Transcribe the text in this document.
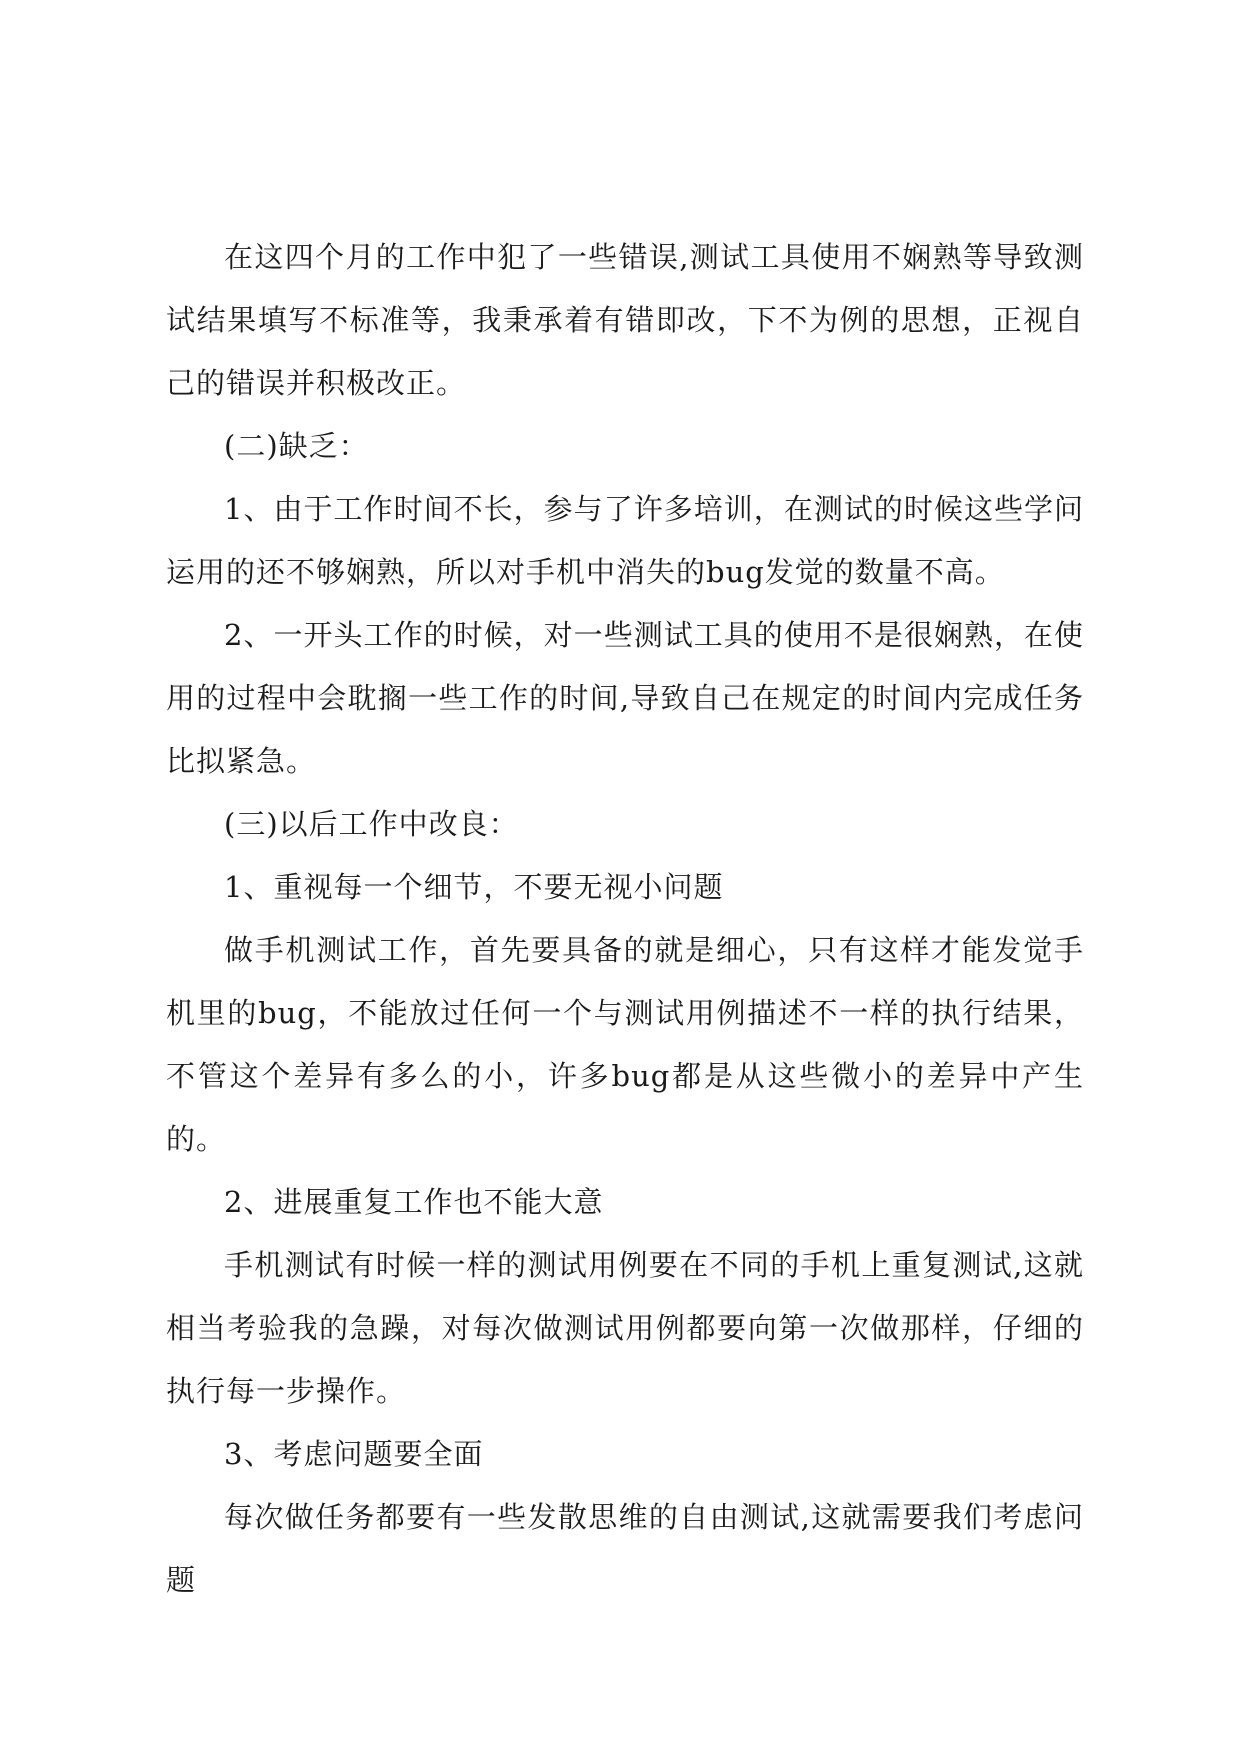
在这四个月的工作中犯了一些错误,测试工具使用不娴熟等导致测试结果填写不标准等，我秉承着有错即改，下不为例的思想，正视自己的错误并积极改正。

(二)缺乏：

1、由于工作时间不长，参与了许多培训，在测试的时候这些学问运用的还不够娴熟，所以对手机中消失的bug发觉的数量不高。

2、一开头工作的时候，对一些测试工具的使用不是很娴熟，在使用的过程中会耽搁一些工作的时间,导致自己在规定的时间内完成任务比拟紧急。

(三)以后工作中改良：

1、重视每一个细节，不要无视小问题

做手机测试工作，首先要具备的就是细心，只有这样才能发觉手机里的bug，不能放过任何一个与测试用例描述不一样的执行结果，不管这个差异有多么的小，许多bug都是从这些微小的差异中产生的。

2、进展重复工作也不能大意

手机测试有时候一样的测试用例要在不同的手机上重复测试,这就相当考验我的急躁，对每次做测试用例都要向第一次做那样，仔细的执行每一步操作。

3、考虑问题要全面

每次做任务都要有一些发散思维的自由测试,这就需要我们考虑问题
